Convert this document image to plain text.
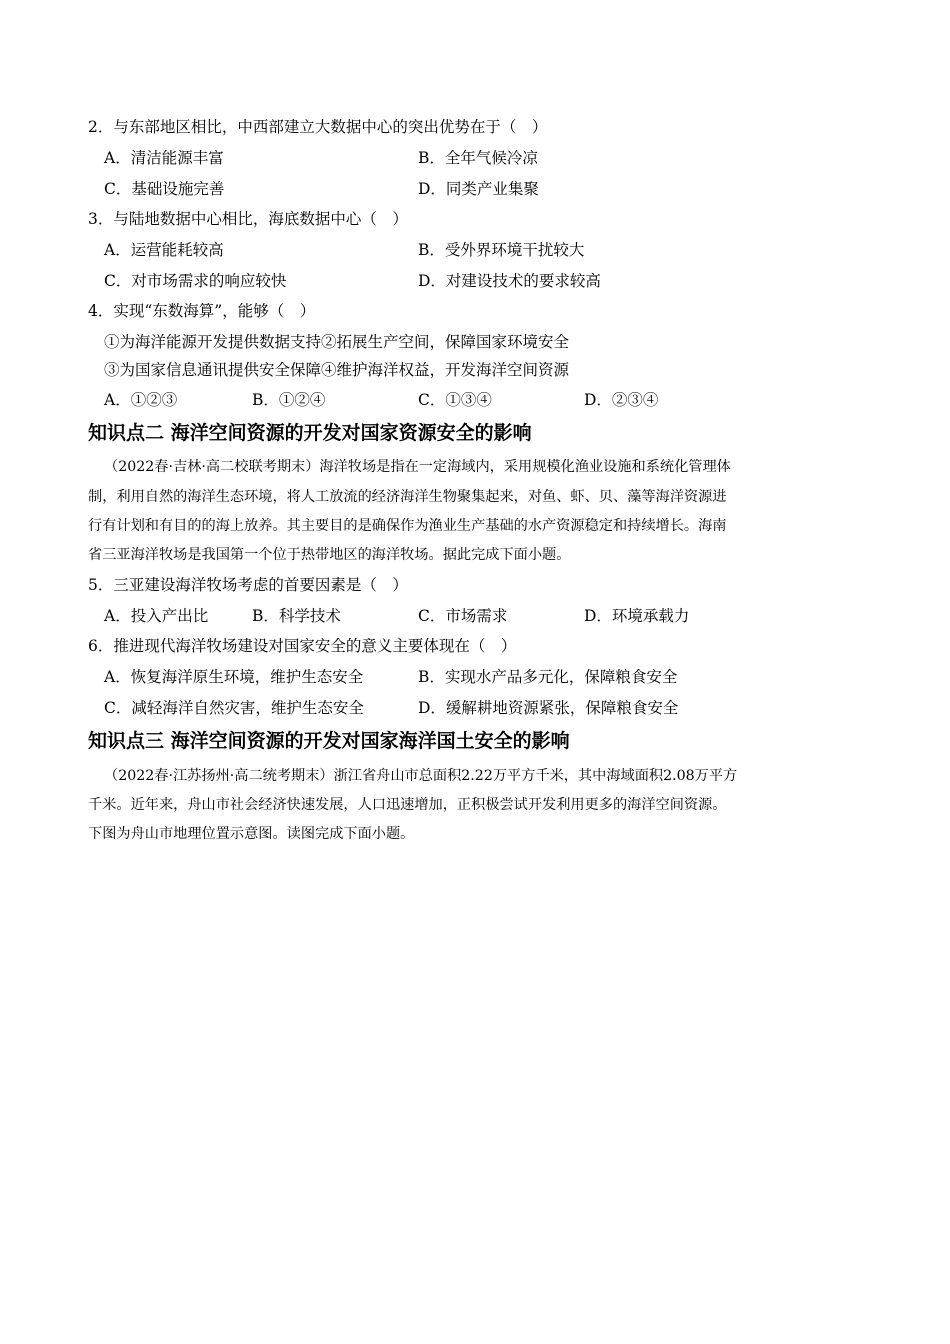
2．与东部地区相比，中西部建立大数据中心的突出优势在于（　）
A．清洁能源丰富	B．全年气候冷凉
C．基础设施完善	D．同类产业集聚
3．与陆地数据中心相比，海底数据中心（　）
A．运营能耗较高	B．受外界环境干扰较大
C．对市场需求的响应较快	D．对建设技术的要求较高
4．实现“东数海算”，能够（　）
①为海洋能源开发提供数据支持②拓展生产空间，保障国家环境安全
③为国家信息通讯提供安全保障④维护海洋权益，开发海洋空间资源
A．①②③	B．①②④	C．①③④	D．②③④
知识点二 海洋空间资源的开发对国家资源安全的影响
（2022春·吉林·高二校联考期末）海洋牧场是指在一定海域内，采用规模化渔业设施和系统化管理体
制，利用自然的海洋生态环境，将人工放流的经济海洋生物聚集起来，对鱼、虾、贝、藻等海洋资源进
行有计划和有目的的海上放养。其主要目的是确保作为渔业生产基础的水产资源稳定和持续增长。海南
省三亚海洋牧场是我国第一个位于热带地区的海洋牧场。据此完成下面小题。
5．三亚建设海洋牧场考虑的首要因素是（　）
A．投入产出比	B．科学技术	C．市场需求	D．环境承载力
6．推进现代海洋牧场建设对国家安全的意义主要体现在（　）
A．恢复海洋原生环境，维护生态安全	B．实现水产品多元化，保障粮食安全
C．减轻海洋自然灾害，维护生态安全	D．缓解耕地资源紧张，保障粮食安全
知识点三 海洋空间资源的开发对国家海洋国土安全的影响
（2022春·江苏扬州·高二统考期末）浙江省舟山市总面积2.22万平方千米，其中海域面积2.08万平方
千米。近年来，舟山市社会经济快速发展，人口迅速增加，正积极尝试开发利用更多的海洋空间资源。
下图为舟山市地理位置示意图。读图完成下面小题。
